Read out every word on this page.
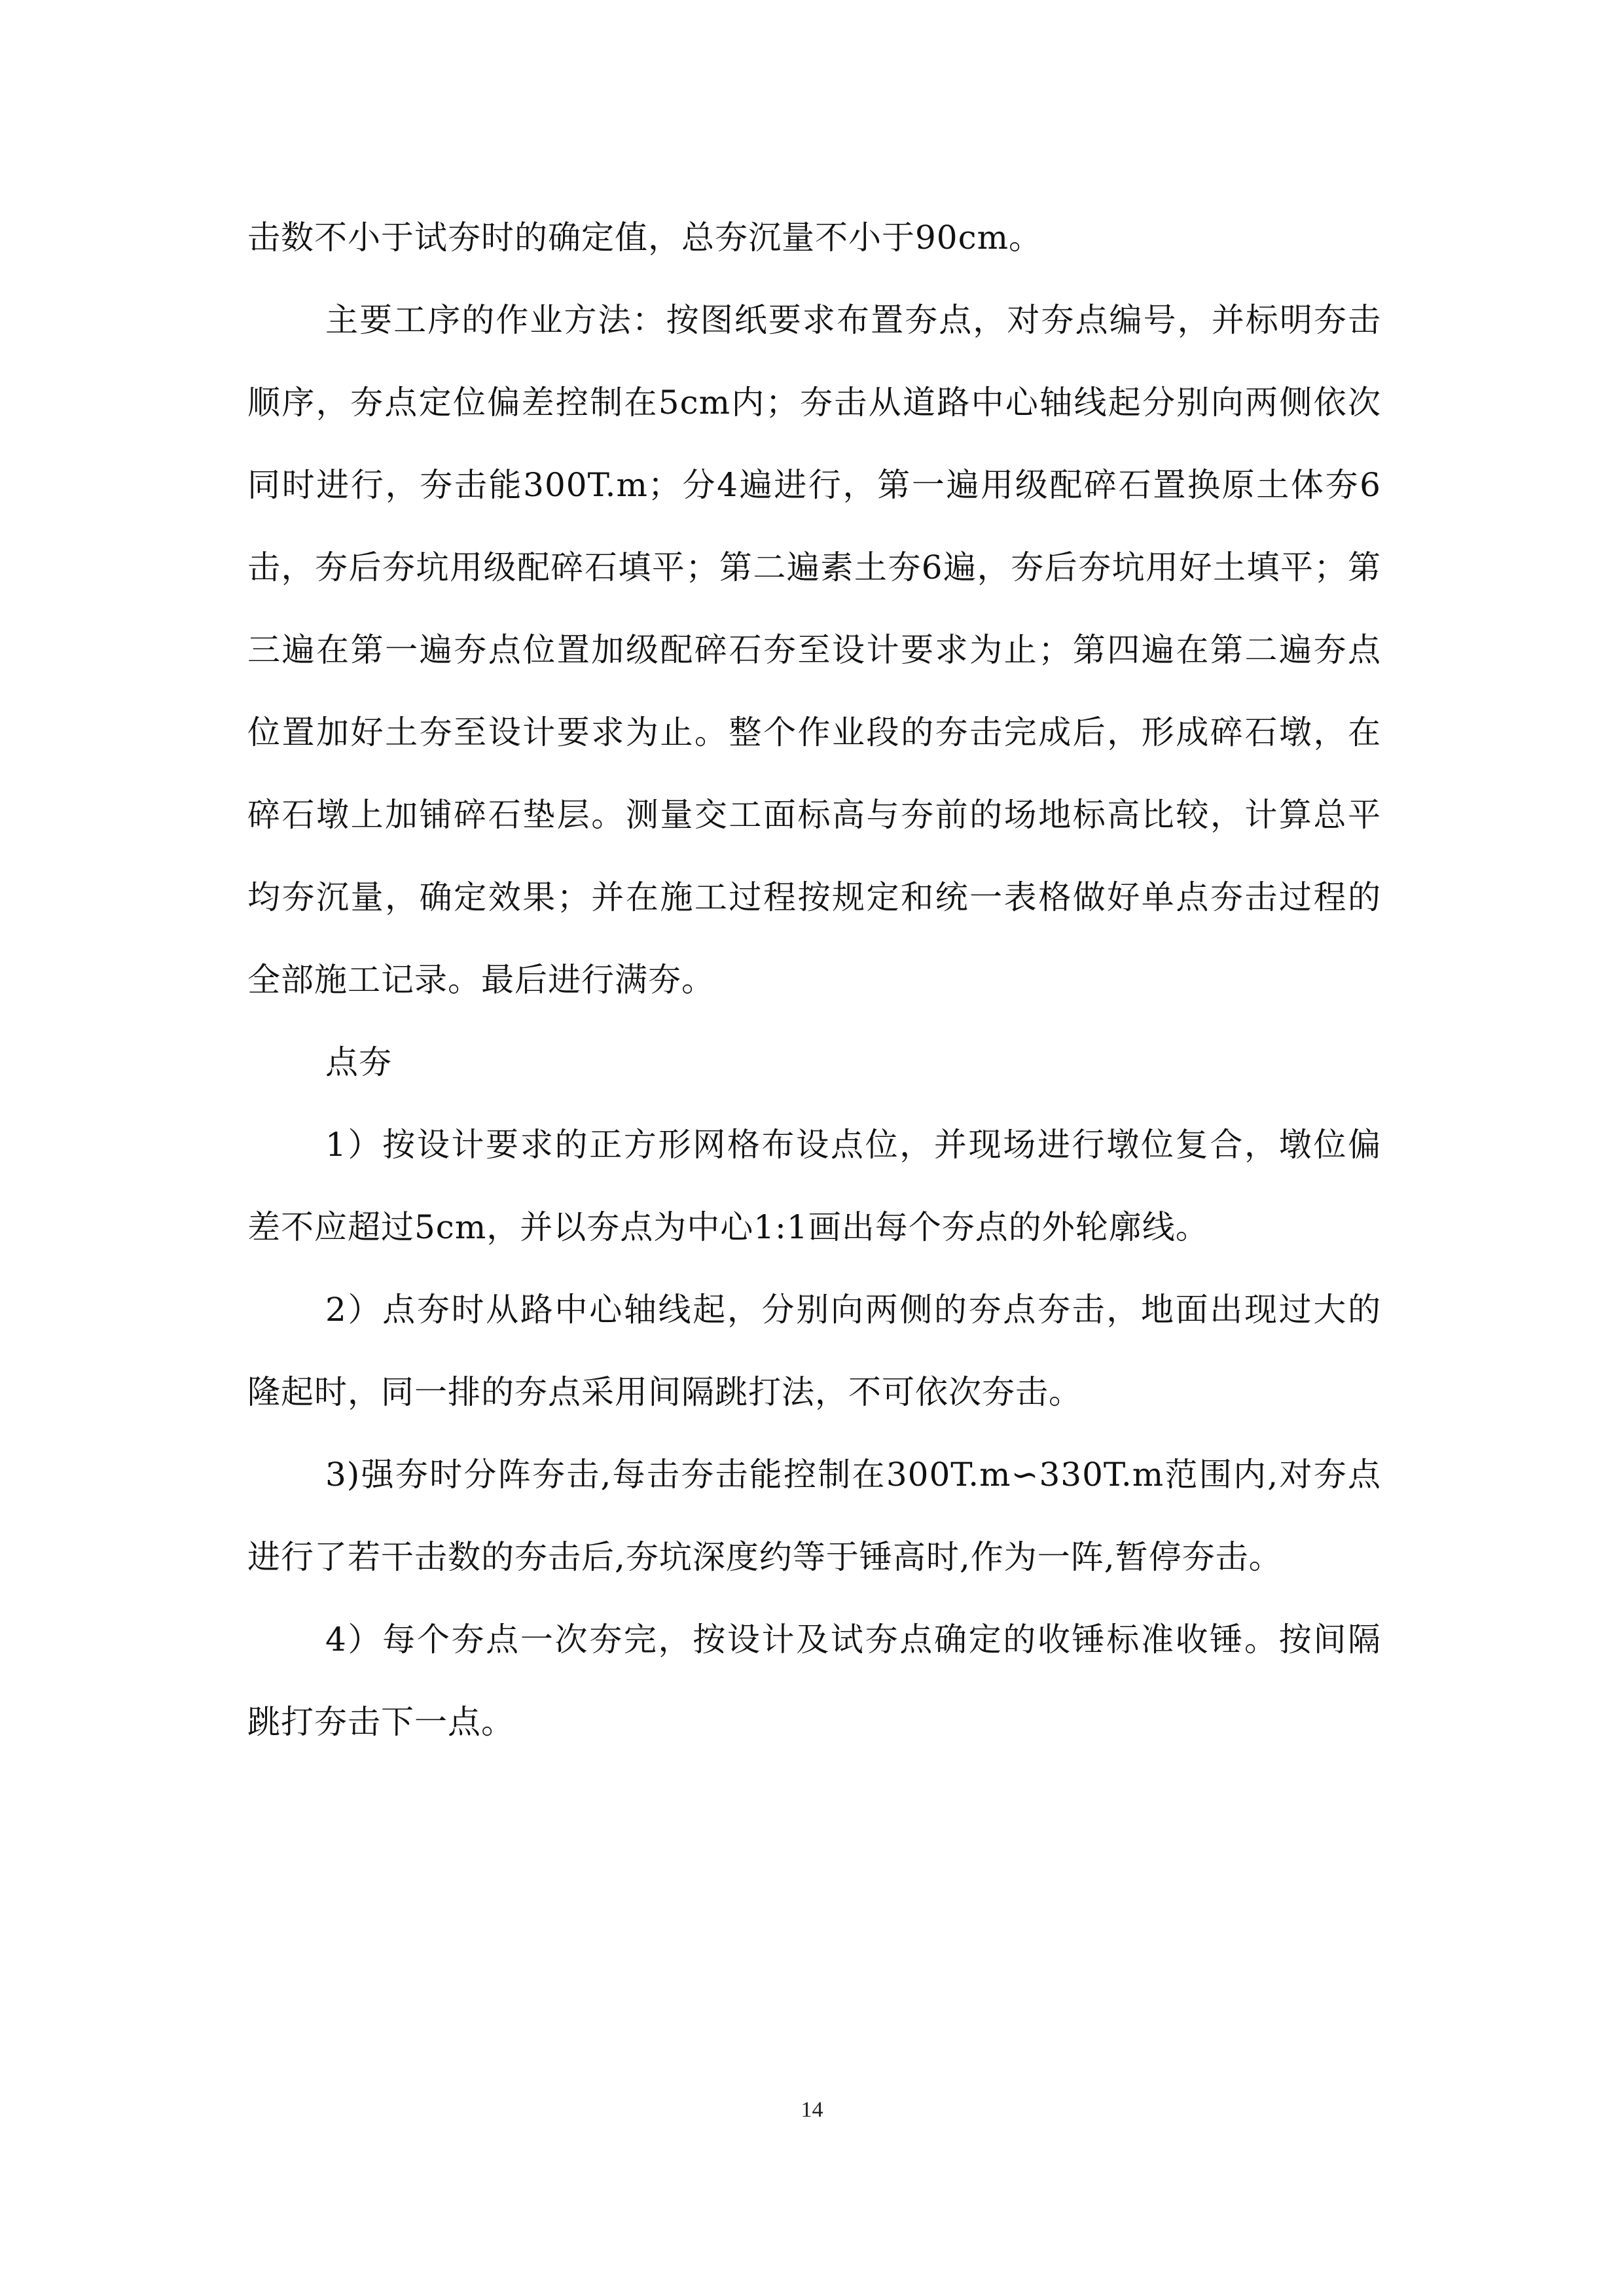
击数不小于试夯时的确定值，总夯沉量不小于90cm。

主要工序的作业方法：按图纸要求布置夯点，对夯点编号，并标明夯击顺序，夯点定位偏差控制在5cm内；夯击从道路中心轴线起分别向两侧依次同时进行，夯击能300T.m；分4遍进行，第一遍用级配碎石置换原土体夯6击，夯后夯坑用级配碎石填平；第二遍素土夯6遍，夯后夯坑用好土填平；第三遍在第一遍夯点位置加级配碎石夯至设计要求为止；第四遍在第二遍夯点位置加好土夯至设计要求为止。整个作业段的夯击完成后，形成碎石墩，在碎石墩上加铺碎石垫层。测量交工面标高与夯前的场地标高比较，计算总平均夯沉量，确定效果；并在施工过程按规定和统一表格做好单点夯击过程的全部施工记录。最后进行满夯。

点夯

1）按设计要求的正方形网格布设点位，并现场进行墩位复合，墩位偏差不应超过5cm，并以夯点为中心1:1画出每个夯点的外轮廓线。

2）点夯时从路中心轴线起，分别向两侧的夯点夯击，地面出现过大的隆起时，同一排的夯点采用间隔跳打法，不可依次夯击。

3)强夯时分阵夯击,每击夯击能控制在300T.m∽330T.m范围内,对夯点进行了若干击数的夯击后,夯坑深度约等于锤高时,作为一阵,暂停夯击。

4）每个夯点一次夯完，按设计及试夯点确定的收锤标准收锤。按间隔跳打夯击下一点。

14
